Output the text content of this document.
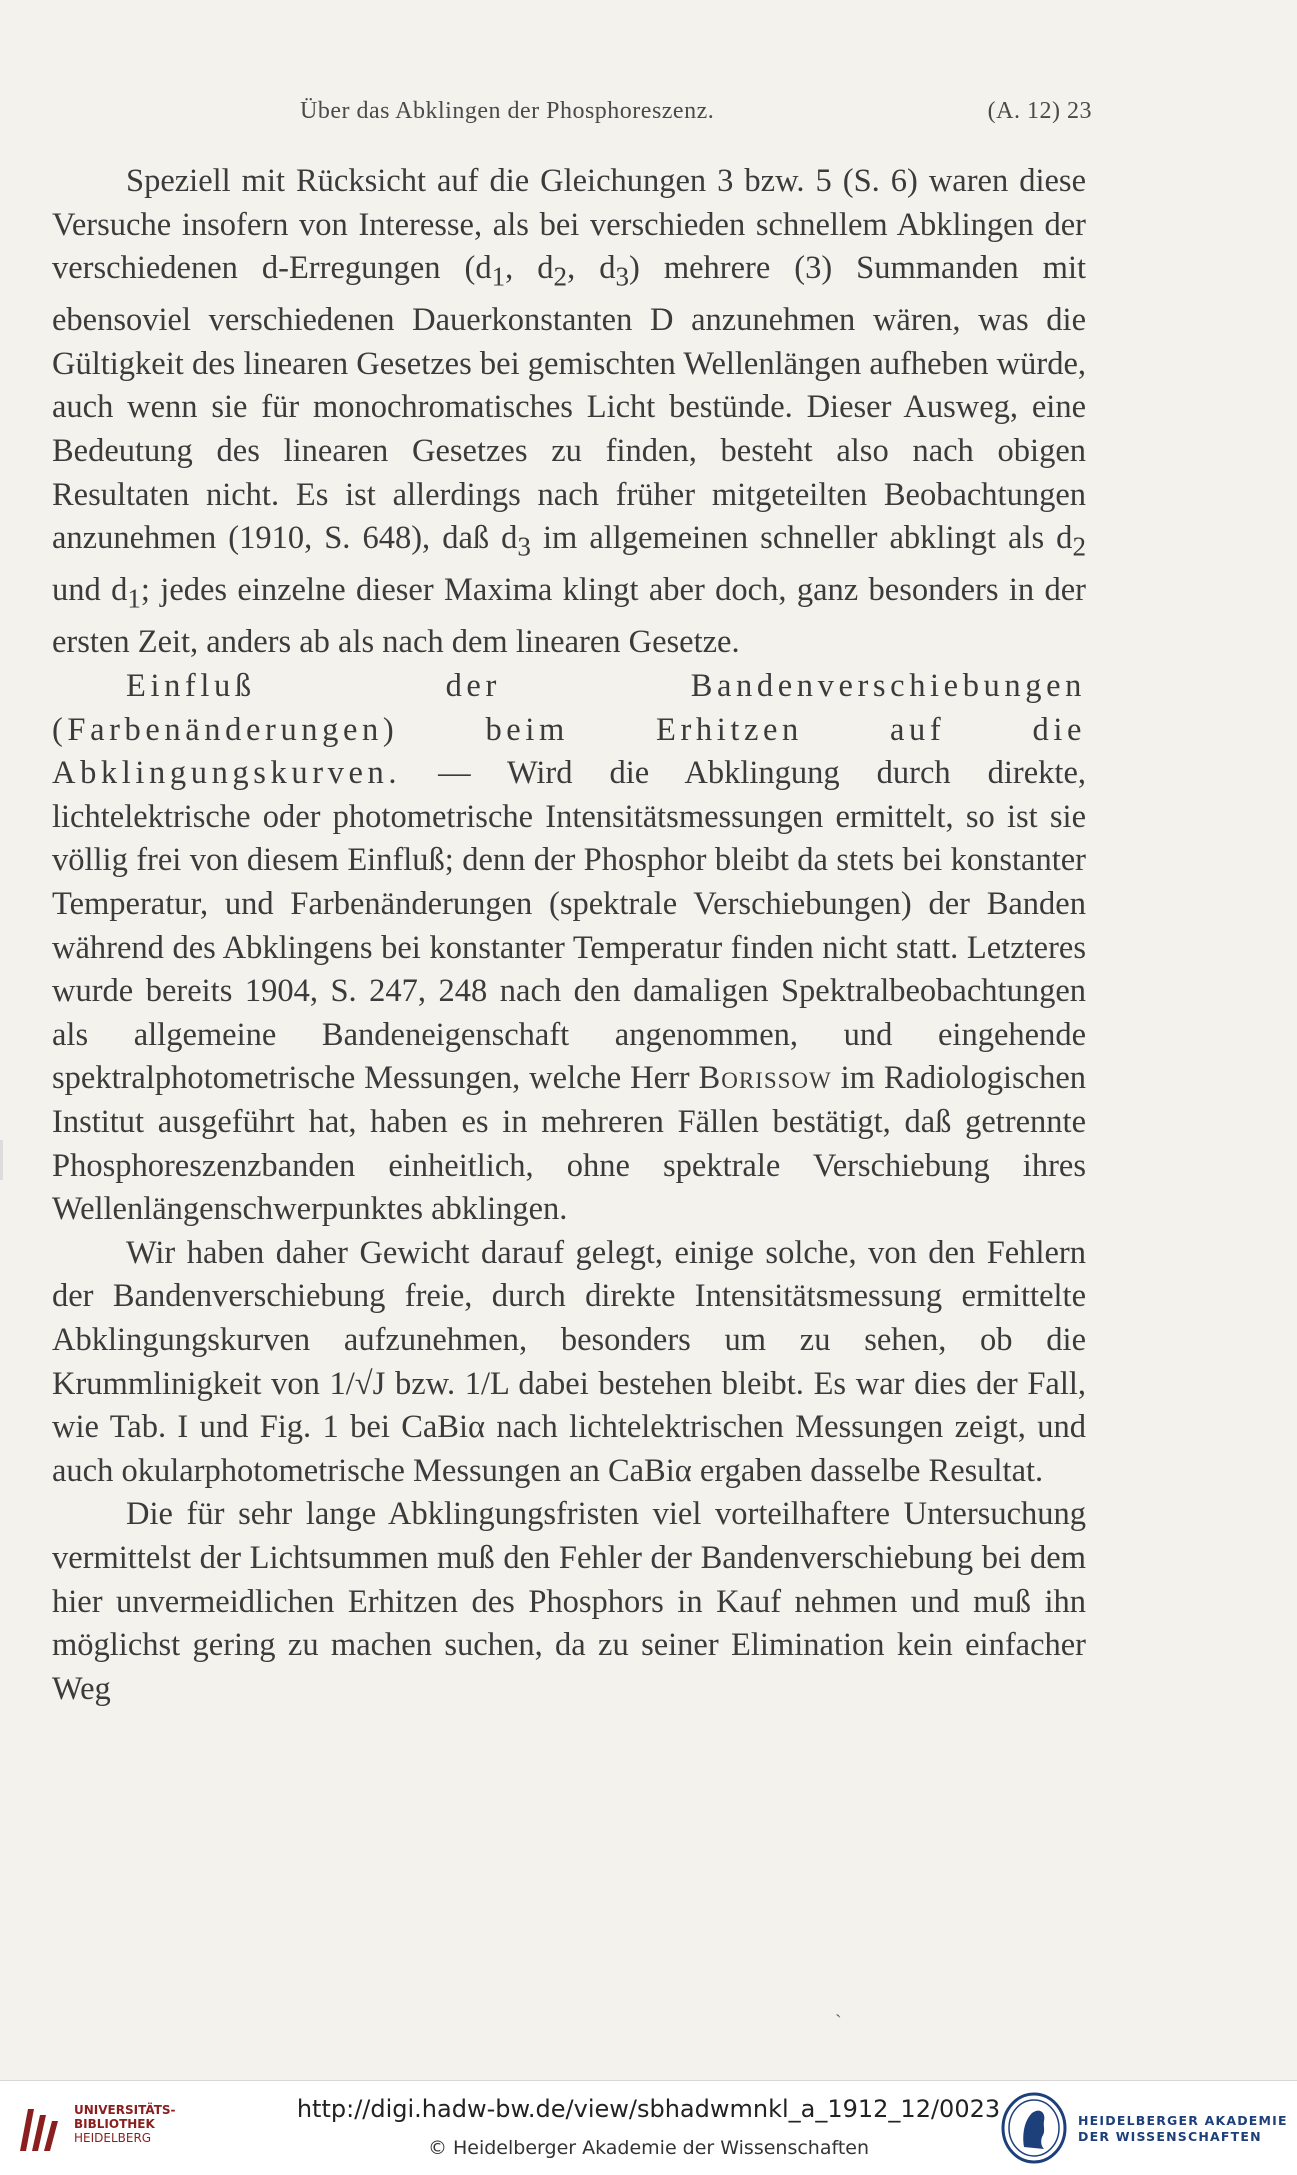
Über das Abklingen der Phosphoreszenz.	(A. 12) 23

Speziell mit Rücksicht auf die Gleichungen 3 bzw. 5 (S. 6) waren diese Versuche insofern von Interesse, als bei verschieden schnellem Abklingen der verschiedenen d-Erregungen ($d_1$, $d_2$, $d_3$) mehrere (3) Summanden mit ebensoviel verschiedenen Dauerkonstanten D anzunehmen wären, was die Gültigkeit des linearen Gesetzes bei gemischten Wellenlängen aufheben würde, auch wenn sie für monochromatisches Licht bestünde. Dieser Ausweg, eine Bedeutung des linearen Gesetzes zu finden, besteht also nach obigen Resultaten nicht. Es ist allerdings nach früher mitgeteilten Beobachtungen anzunehmen (1910, S. 648), daß $d_3$ im allgemeinen schneller abklingt als $d_2$ und $d_1$; jedes einzelne dieser Maxima klingt aber doch, ganz besonders in der ersten Zeit, anders ab als nach dem linearen Gesetze.

Einfluß der Bandenverschiebungen (Farbenänderungen) beim Erhitzen auf die Abklingungskurven. — Wird die Abklingung durch direkte, lichtelektrische oder photometrische Intensitätsmessungen ermittelt, so ist sie völlig frei von diesem Einfluß; denn der Phosphor bleibt da stets bei konstanter Temperatur, und Farbenänderungen (spektrale Verschiebungen) der Banden während des Abklingens bei konstanter Temperatur finden nicht statt. Letzteres wurde bereits 1904, S. 247, 248 nach den damaligen Spektralbeobachtungen als allgemeine Bandeneigenschaft angenommen, und eingehende spektralphotometrische Messungen, welche Herr Borissow im Radiologischen Institut ausgeführt hat, haben es in mehreren Fällen bestätigt, daß getrennte Phosphoreszenzbanden einheitlich, ohne spektrale Verschiebung ihres Wellenlängenschwerpunktes abklingen.

Wir haben daher Gewicht darauf gelegt, einige solche, von den Fehlern der Bandenverschiebung freie, durch direkte Intensitätsmessung ermittelte Abklingungskurven aufzunehmen, besonders um zu sehen, ob die Krummlinigkeit von 1/√J bzw. 1/L dabei bestehen bleibt. Es war dies der Fall, wie Tab. I und Fig. 1 bei CaBiα nach lichtelektrischen Messungen zeigt, und auch okularphotometrische Messungen an CaBiα ergaben dasselbe Resultat.

Die für sehr lange Abklingungsfristen viel vorteilhaftere Untersuchung vermittelst der Lichtsummen muß den Fehler der Bandenverschiebung bei dem hier unvermeidlichen Erhitzen des Phosphors in Kauf nehmen und muß ihn möglichst gering zu machen suchen, da zu seiner Elimination kein einfacher Weg

ˏ
UNIVERSITÄTS-
BIBLIOTHEK
HEIDELBERG
http://digi.hadw-bw.de/view/sbhadwmnkl_a_1912_12/0023
© Heidelberger Akademie der Wissenschaften
HEIDELBERGER AKADEMIE
DER WISSENSCHAFTEN
